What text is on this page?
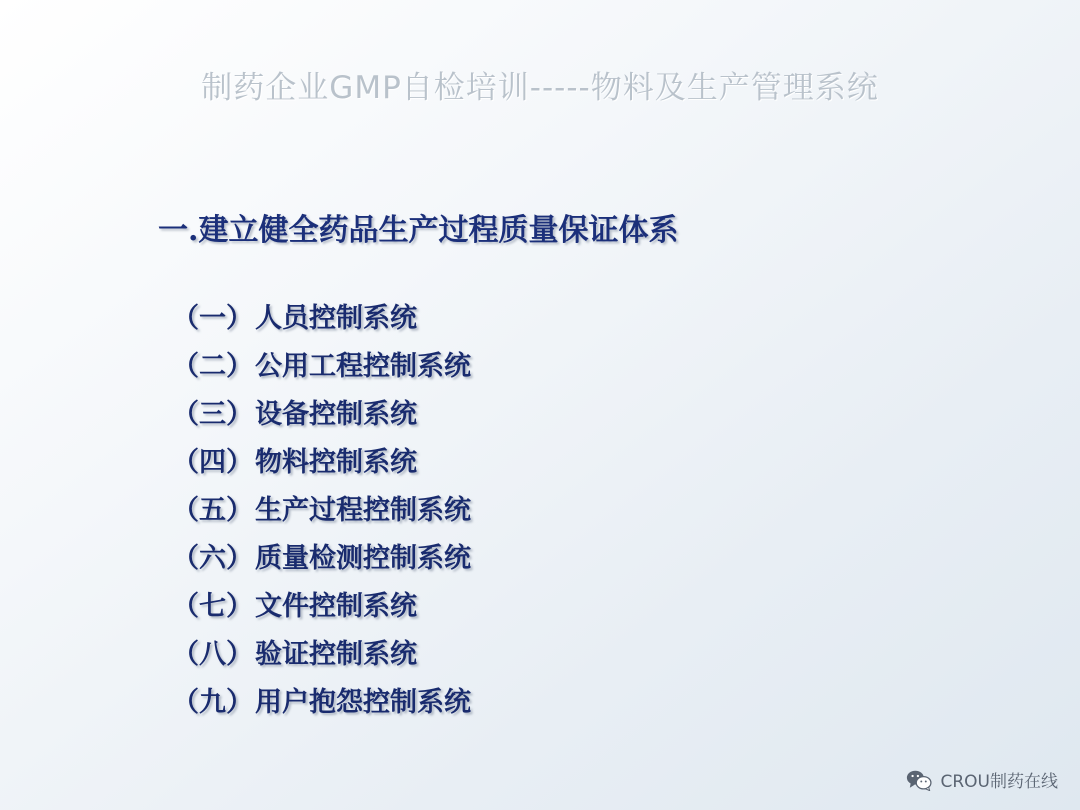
制药企业GMP自检培训-----物料及生产管理系统
一.建立健全药品生产过程质量保证体系
（一）人员控制系统
（二）公用工程控制系统
（三）设备控制系统
（四）物料控制系统
（五）生产过程控制系统
（六）质量检测控制系统
（七）文件控制系统
（八）验证控制系统
（九）用户抱怨控制系统
CROU制药在线
